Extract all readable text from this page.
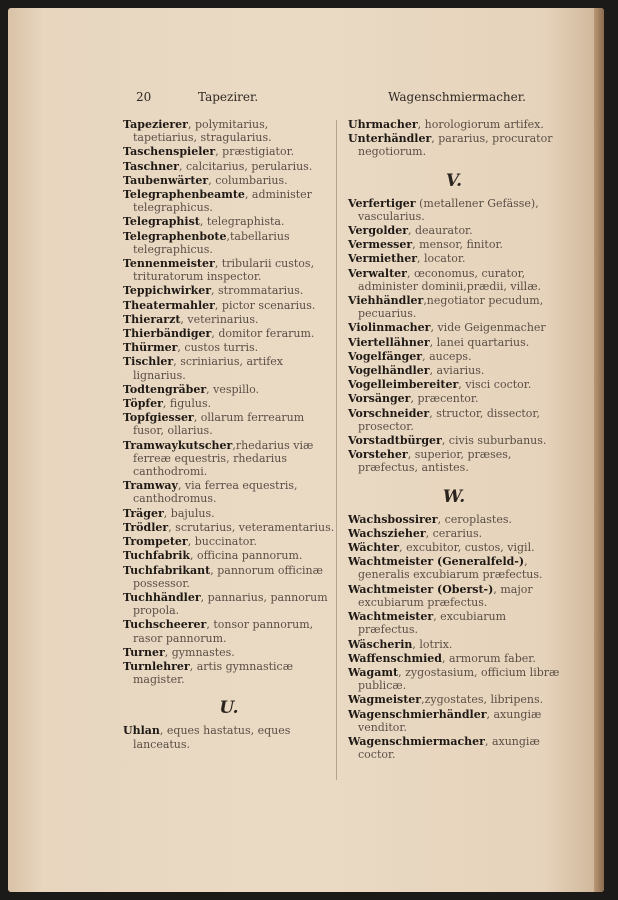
20	Tapezirer.	Wagenschmiermacher.
Tapezierer, polymitarius, tapetiarius, stragularius.
Taschenspieler, præstigiator.
Taschner, calcitarius, perularius.
Taubenwärter, columbarius.
Telegraphenbeamte, administer telegraphicus.
Telegraphist, telegraphista.
Telegraphenbote,tabellarius telegraphicus.
Tennenmeister, tribularii custos, trituratorum inspector.
Teppichwirker, strommatarius.
Theatermahler, pictor scenarius.
Thierarzt, veterinarius.
Thierbändiger, domitor ferarum.
Thürmer, custos turris.
Tischler, scriniarius, artifex lignarius.
Todtengräber, vespillo.
Töpfer, figulus.
Topfgiesser, ollarum ferrearum fusor, ollarius.
Tramwaykutscher,rhedarius viæ ferreæ equestris, rhedarius canthodromi.
Tramway, via ferrea equestris, canthodromus.
Träger, bajulus.
Trödler, scrutarius, veteramentarius.
Trompeter, buccinator.
Tuchfabrik, officina pannorum.
Tuchfabrikant, pannorum officinæ possessor.
Tuchhändler, pannarius, pannorum propola.
Tuchscheerer, tonsor pannorum, rasor pannorum.
Turner, gymnastes.
Turnlehrer, artis gymnasticæ magister.
U.
Uhlan, eques hastatus, eques lanceatus.
Uhrmacher, horologiorum artifex.
Unterhändler, pararius, procurator negotiorum.
V.
Verfertiger (metallener Gefässe), vascularius.
Vergolder, deaurator.
Vermesser, mensor, finitor.
Vermiether, locator.
Verwalter, œconomus, curator, administer dominii,prædii, villæ.
Viehhändler,negotiator pecudum, pecuarius.
Violinmacher, vide Geigenmacher
Viertellähner, lanei quartarius.
Vogelfänger, auceps.
Vogelhändler, aviarius.
Vogelleimbereiter, visci coctor.
Vorsänger, præcentor.
Vorschneider, structor, dissector, prosector.
Vorstadtbürger, civis suburbanus.
Vorsteher, superior, præses, præfectus, antistes.
W.
Wachsbossirer, ceroplastes.
Wachszieher, cerarius.
Wächter, excubitor, custos, vigil.
Wachtmeister (Generalfeld-), generalis excubiarum præfectus.
Wachtmeister (Oberst-), major excubiarum præfectus.
Wachtmeister, excubiarum præfectus.
Wäscherin, lotrix.
Waffenschmied, armorum faber.
Wagamt, zygostasium, officium libræ publicæ.
Wagmeister,zygostates, libripens.
Wagenschmierhändler, axungiæ venditor.
Wagenschmiermacher, axungiæ coctor.
